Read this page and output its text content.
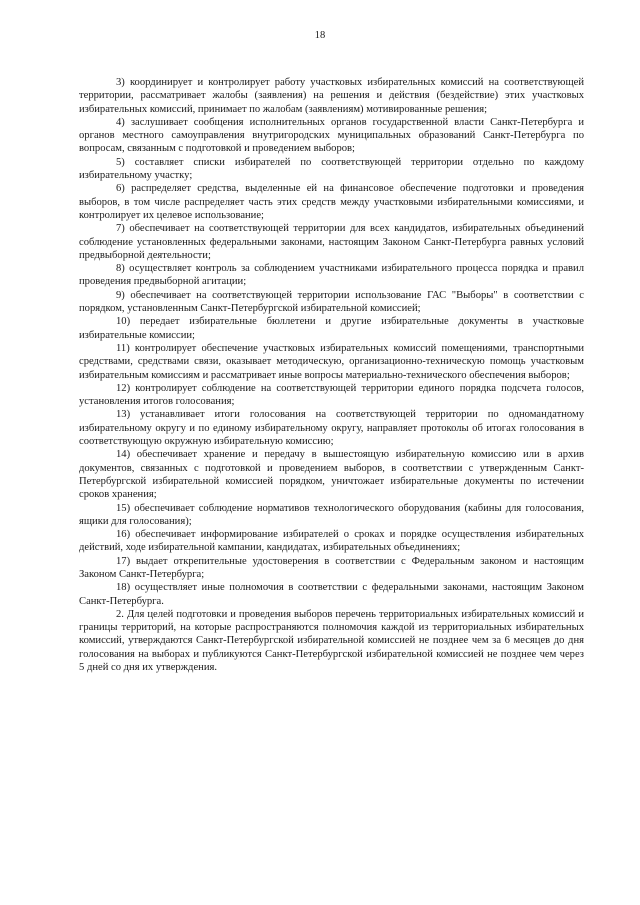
18

3) координирует и контролирует работу участковых избирательных комиссий на соответствующей территории, рассматривает жалобы (заявления) на решения и действия (бездействие) этих участковых избирательных комиссий, принимает по жалобам (заявлениям) мотивированные решения;

4) заслушивает сообщения исполнительных органов государственной власти Санкт-Петербурга и органов местного самоуправления внутригородских муниципальных образований Санкт-Петербурга по вопросам, связанным с подготовкой и проведением выборов;

5) составляет списки избирателей по соответствующей территории отдельно по каждому избирательному участку;

6) распределяет средства, выделенные ей на финансовое обеспечение подготовки и проведения выборов, в том числе распределяет часть этих средств между участковыми избирательными комиссиями, и контролирует их целевое использование;

7) обеспечивает на соответствующей территории для всех кандидатов, избирательных объединений соблюдение установленных федеральными законами, настоящим Законом Санкт-Петербурга равных условий предвыборной деятельности;

8) осуществляет контроль за соблюдением участниками избирательного процесса порядка и правил проведения предвыборной агитации;

9) обеспечивает на соответствующей территории использование ГАС "Выборы" в соответствии с порядком, установленным Санкт-Петербургской избирательной комиссией;

10) передает избирательные бюллетени и другие избирательные документы в участковые избирательные комиссии;

11) контролирует обеспечение участковых избирательных комиссий помещениями, транспортными средствами, средствами связи, оказывает методическую, организационно-техническую помощь участковым избирательным комиссиям и рассматривает иные вопросы материально-технического обеспечения выборов;

12) контролирует соблюдение на соответствующей территории единого порядка подсчета голосов, установления итогов голосования;

13) устанавливает итоги голосования на соответствующей территории по одномандатному избирательному округу и по единому избирательному округу, направляет протоколы об итогах голосования в соответствующую окружную избирательную комиссию;

14) обеспечивает хранение и передачу в вышестоящую избирательную комиссию или в архив документов, связанных с подготовкой и проведением выборов, в соответствии с утвержденным Санкт-Петербургской избирательной комиссией порядком, уничтожает избирательные документы по истечении сроков хранения;

15) обеспечивает соблюдение нормативов технологического оборудования (кабины для голосования, ящики для голосования);

16) обеспечивает информирование избирателей о сроках и порядке осуществления избирательных действий, ходе избирательной кампании, кандидатах, избирательных объединениях;

17) выдает открепительные удостоверения в соответствии с Федеральным законом и настоящим Законом Санкт-Петербурга;

18) осуществляет иные полномочия в соответствии с федеральными законами, настоящим Законом Санкт-Петербурга.

2. Для целей подготовки и проведения выборов перечень территориальных избирательных комиссий и границы территорий, на которые распространяются полномочия каждой из территориальных избирательных комиссий, утверждаются Санкт-Петербургской избирательной комиссией не позднее чем за 6 месяцев до дня голосования на выборах и публикуются Санкт-Петербургской избирательной комиссией не позднее чем через 5 дней со дня их утверждения.
